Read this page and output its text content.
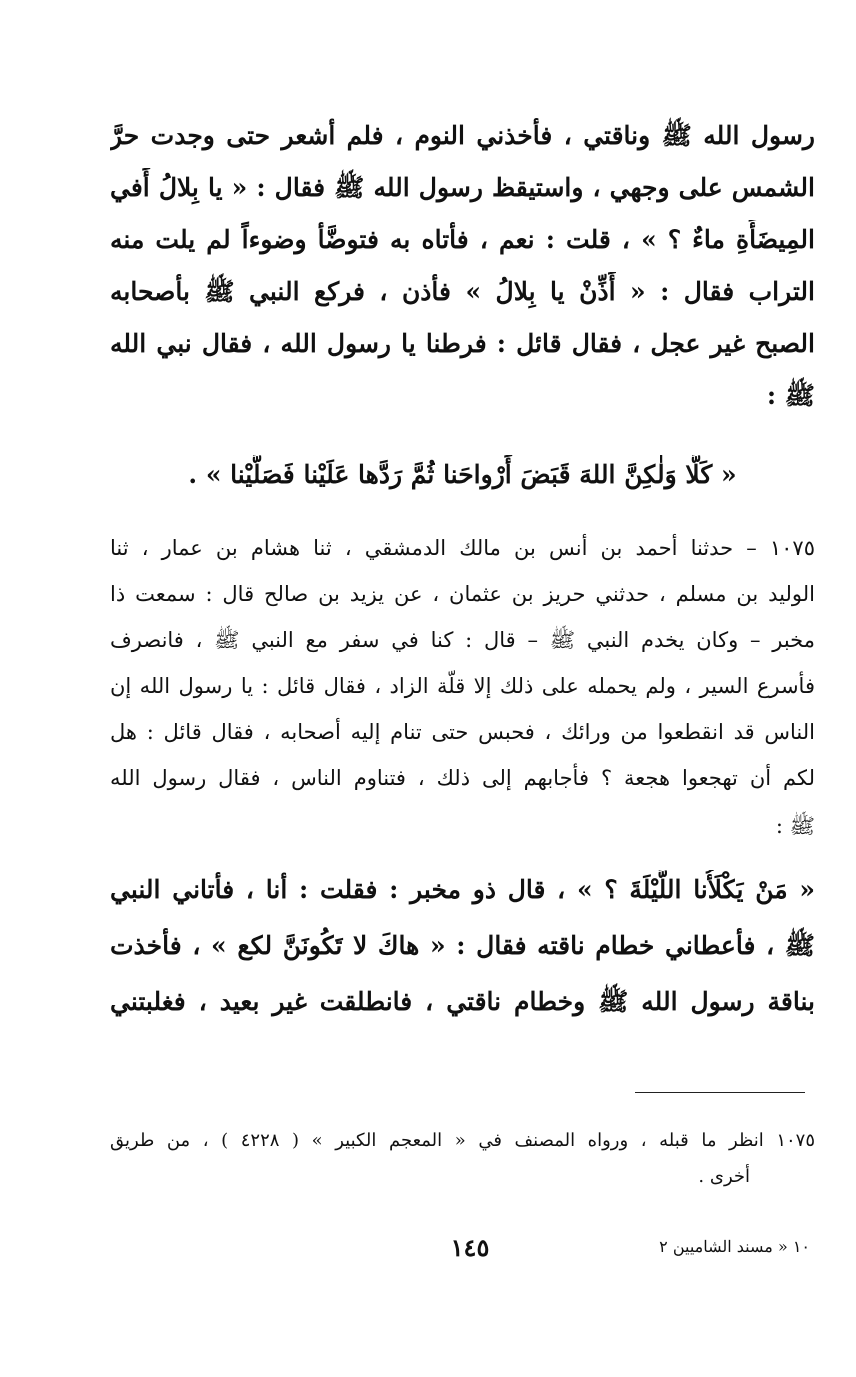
رسول الله ﷺ وناقتي ، فأخذني النوم ، فلم أشعر حتى وجدت حرَّ
الشمس على وجهي ، واستيقظ رسول الله ﷺ فقال : « يا بِلالُ أَفي
المِيضَأَةِ ماءٌ ؟ » ، قلت : نعم ، فأتاه به فتوضَّأ وضوءاً لم يلت منه
التراب فقال : « أَذِّنْ يا بِلالُ » فأذن ، فركع النبي ﷺ بأصحابه
الصبح غير عجل ، فقال قائل : فرطنا يا رسول الله ، فقال نبي الله
ﷺ :
« كَلَّا وَلٰكِنَّ اللهَ قَبَضَ أَرْواحَنا ثُمَّ رَدَّها عَلَيْنا فَصَلَّيْنا » .
١٠٧٥ – حدثنا أحمد بن أنس بن مالك الدمشقي ، ثنا هشام بن عمار ، ثنا
الوليد بن مسلم ، حدثني حريز بن عثمان ، عن يزيد بن صالح قال : سمعت ذا
مخبر – وكان يخدم النبي ﷺ – قال : كنا في سفر مع النبي ﷺ ، فانصرف
فأسرع السير ، ولم يحمله على ذلك إلا قلّة الزاد ، فقال قائل : يا رسول الله إن
الناس قد انقطعوا من ورائك ، فحبس حتى تنام إليه أصحابه ، فقال قائل : هل
لكم أن تهجعوا هجعة ؟ فأجابهم إلى ذلك ، فتناوم الناس ، فقال رسول الله
ﷺ :
« مَنْ يَكْلَأُنا اللَّيْلَةَ ؟ » ، قال ذو مخبر : فقلت : أنا ، فأتاني النبي
ﷺ ، فأعطاني خطام ناقته فقال : « هاكَ لا تَكُونَنَّ لكع » ، فأخذت
بناقة رسول الله ﷺ وخطام ناقتي ، فانطلقت غير بعيد ، فغلبتني
١٠٧٥ انظر ما قبله ، ورواه المصنف في « المعجم الكبير » ( ٤٢٢٨ ) ، من طريق
أخرى .
١٤٥	١٠ « مسند الشاميين ٢
